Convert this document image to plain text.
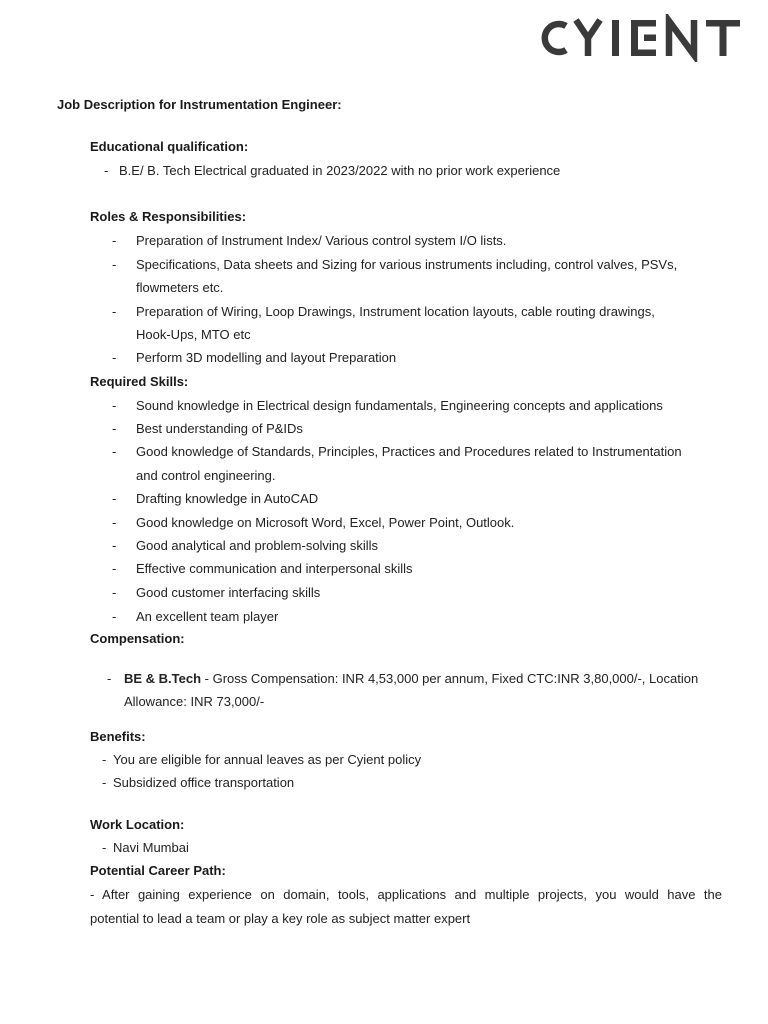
Job Description for Instrumentation Engineer:
Educational qualification:
- B.E/ B. Tech Electrical graduated in 2023/2022 with no prior work experience
Roles & Responsibilities:
- Preparation of Instrument Index/ Various control system I/O lists.
- Specifications, Data sheets and Sizing for various instruments including, control valves, PSVs,
flowmeters etc.
- Preparation of Wiring, Loop Drawings, Instrument location layouts, cable routing drawings,
Hook-Ups, MTO etc
- Perform 3D modelling and layout Preparation
Required Skills:
- Sound knowledge in Electrical design fundamentals, Engineering concepts and applications
- Best understanding of P&IDs
- Good knowledge of Standards, Principles, Practices and Procedures related to Instrumentation
and control engineering.
- Drafting knowledge in AutoCAD
- Good knowledge on Microsoft Word, Excel, Power Point, Outlook.
- Good analytical and problem-solving skills
- Effective communication and interpersonal skills
- Good customer interfacing skills
- An excellent team player
Compensation:
- BE & B.Tech - Gross Compensation: INR 4,53,000 per annum, Fixed CTC:INR 3,80,000/-, Location
Allowance: INR 73,000/-
Benefits:
- You are eligible for annual leaves as per Cyient policy
- Subsidized office transportation
Work Location:
- Navi Mumbai
Potential Career Path:
- After gaining experience on domain, tools, applications and multiple projects, you would have the
potential to lead a team or play a key role as subject matter expert
